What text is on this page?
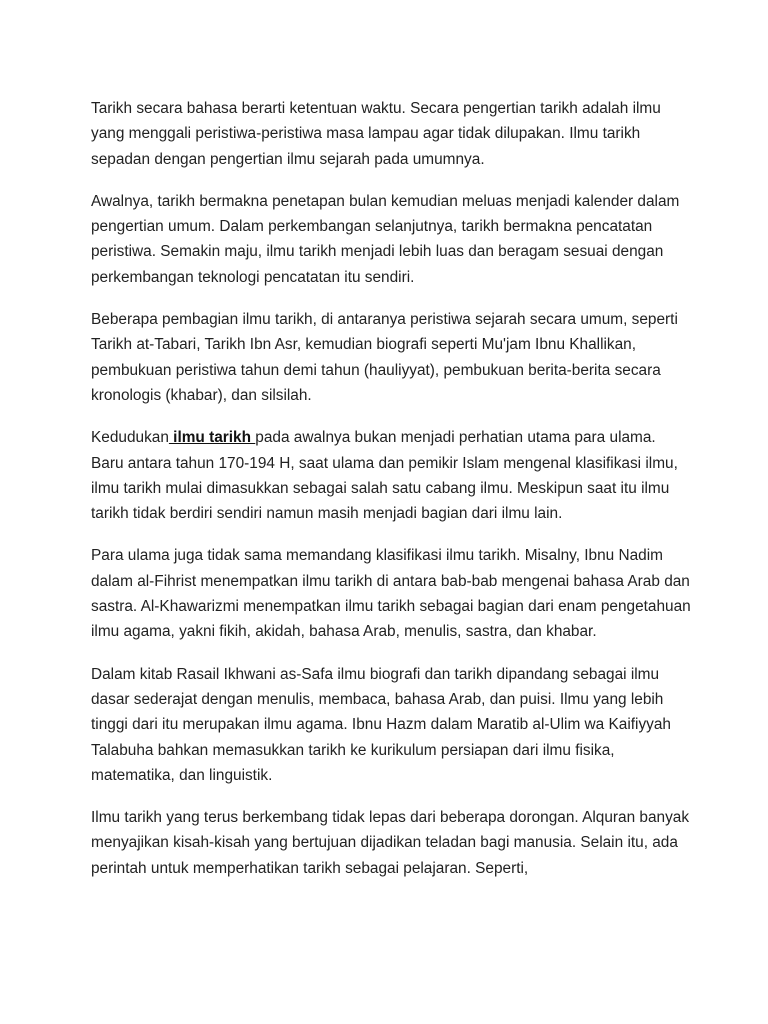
Tarikh secara bahasa berarti ketentuan waktu. Secara pengertian tarikh adalah ilmu yang menggali peristiwa-peristiwa masa lampau agar tidak dilupakan. Ilmu tarikh sepadan dengan pengertian ilmu sejarah pada umumnya.

Awalnya, tarikh bermakna penetapan bulan kemudian meluas menjadi kalender dalam pengertian umum. Dalam perkembangan selanjutnya, tarikh bermakna pencatatan peristiwa. Semakin maju, ilmu tarikh menjadi lebih luas dan beragam sesuai dengan perkembangan teknologi pencatatan itu sendiri.

Beberapa pembagian ilmu tarikh, di antaranya peristiwa sejarah secara umum, seperti Tarikh at-Tabari, Tarikh Ibn Asr, kemudian biografi seperti Mu'jam Ibnu Khallikan, pembukuan peristiwa tahun demi tahun (hauliyyat), pembukuan berita-berita secara kronologis (khabar), dan silsilah.

Kedudukan ilmu tarikh pada awalnya bukan menjadi perhatian utama para ulama. Baru antara tahun 170-194 H, saat ulama dan pemikir Islam mengenal klasifikasi ilmu, ilmu tarikh mulai dimasukkan sebagai salah satu cabang ilmu. Meskipun saat itu ilmu tarikh tidak berdiri sendiri namun masih menjadi bagian dari ilmu lain.

Para ulama juga tidak sama memandang klasifikasi ilmu tarikh. Misalny, Ibnu Nadim dalam al-Fihrist menempatkan ilmu tarikh di antara bab-bab mengenai bahasa Arab dan sastra. Al-Khawarizmi menempatkan ilmu tarikh sebagai bagian dari enam pengetahuan ilmu agama, yakni fikih, akidah, bahasa Arab, menulis, sastra, dan khabar.

Dalam kitab Rasail Ikhwani as-Safa ilmu biografi dan tarikh dipandang sebagai ilmu dasar sederajat dengan menulis, membaca, bahasa Arab, dan puisi. Ilmu yang lebih tinggi dari itu merupakan ilmu agama. Ibnu Hazm dalam Maratib al-Ulim wa Kaifiyyah Talabuha bahkan memasukkan tarikh ke kurikulum persiapan dari ilmu fisika, matematika, dan linguistik.

Ilmu tarikh yang terus berkembang tidak lepas dari beberapa dorongan. Alquran banyak menyajikan kisah-kisah yang bertujuan dijadikan teladan bagi manusia. Selain itu, ada perintah untuk memperhatikan tarikh sebagai pelajaran. Seperti,
